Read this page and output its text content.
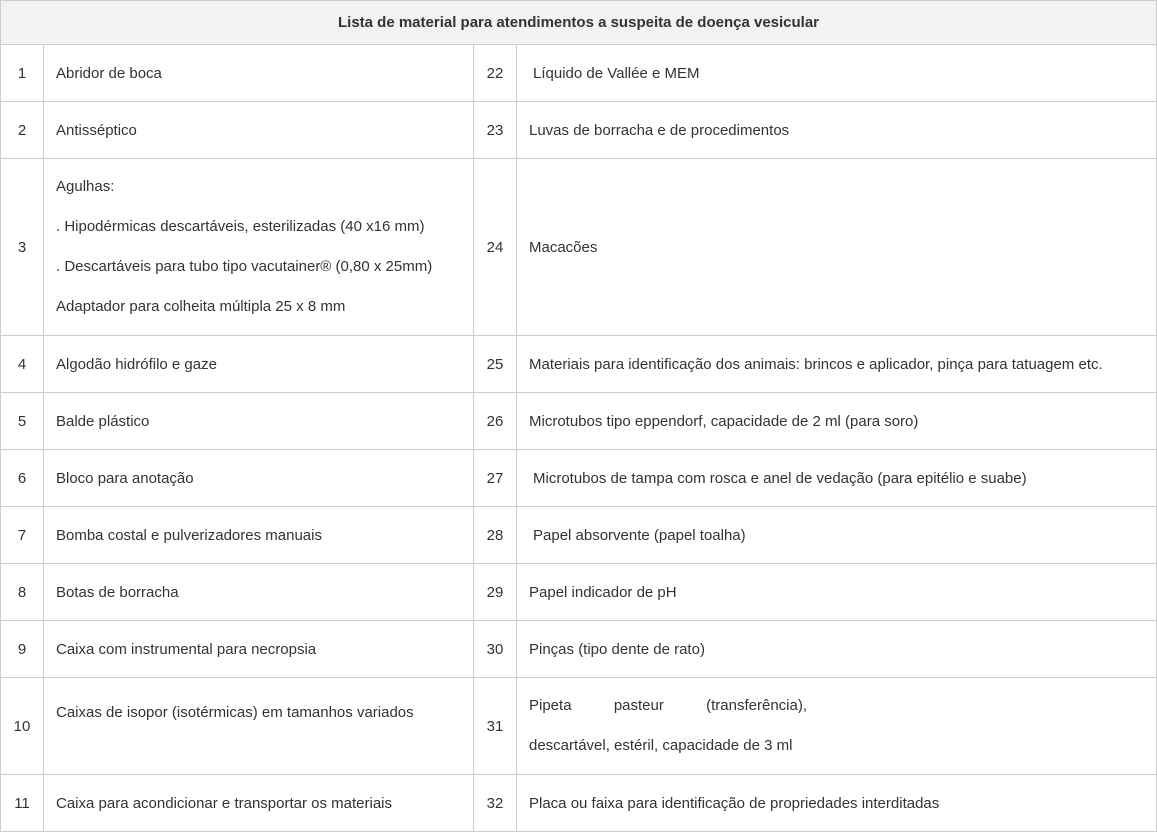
Lista de material para atendimentos a suspeita de doença vesicular			
1	Abridor de boca	22	Líquido de Vallée e MEM
2	Antisséptico	23	Luvas de borracha e de procedimentos
3	Agulhas:

. Hipodérmicas descartáveis, esterilizadas (40 x16 mm)

. Descartáveis para tubo tipo vacutainer® (0,80 x 25mm)

Adaptador para colheita múltipla 25 x 8 mm	24	Macacões
4	Algodão hidrófilo e gaze	25	Materiais para identificação dos animais: brincos e aplicador, pinça para tatuagem etc.
5	Balde plástico	26	Microtubos tipo eppendorf, capacidade de 2 ml (para soro)
6	Bloco para anotação	27	Microtubos de tampa com rosca e anel de vedação (para epitélio e suabe)
7	Bomba costal e pulverizadores manuais	28	Papel absorvente (papel toalha)
8	Botas de borracha	29	Papel indicador de pH
9	Caixa com instrumental para necropsia	30	Pinças (tipo dente de rato)
10	Caixas de isopor (isotérmicas) em tamanhos variados	31	Pipeta pasteur (transferência),

descartável, estéril, capacidade de 3 ml

11	Caixa para acondicionar e transportar os materiais	32	Placa ou faixa para identificação de propriedades interditadas
